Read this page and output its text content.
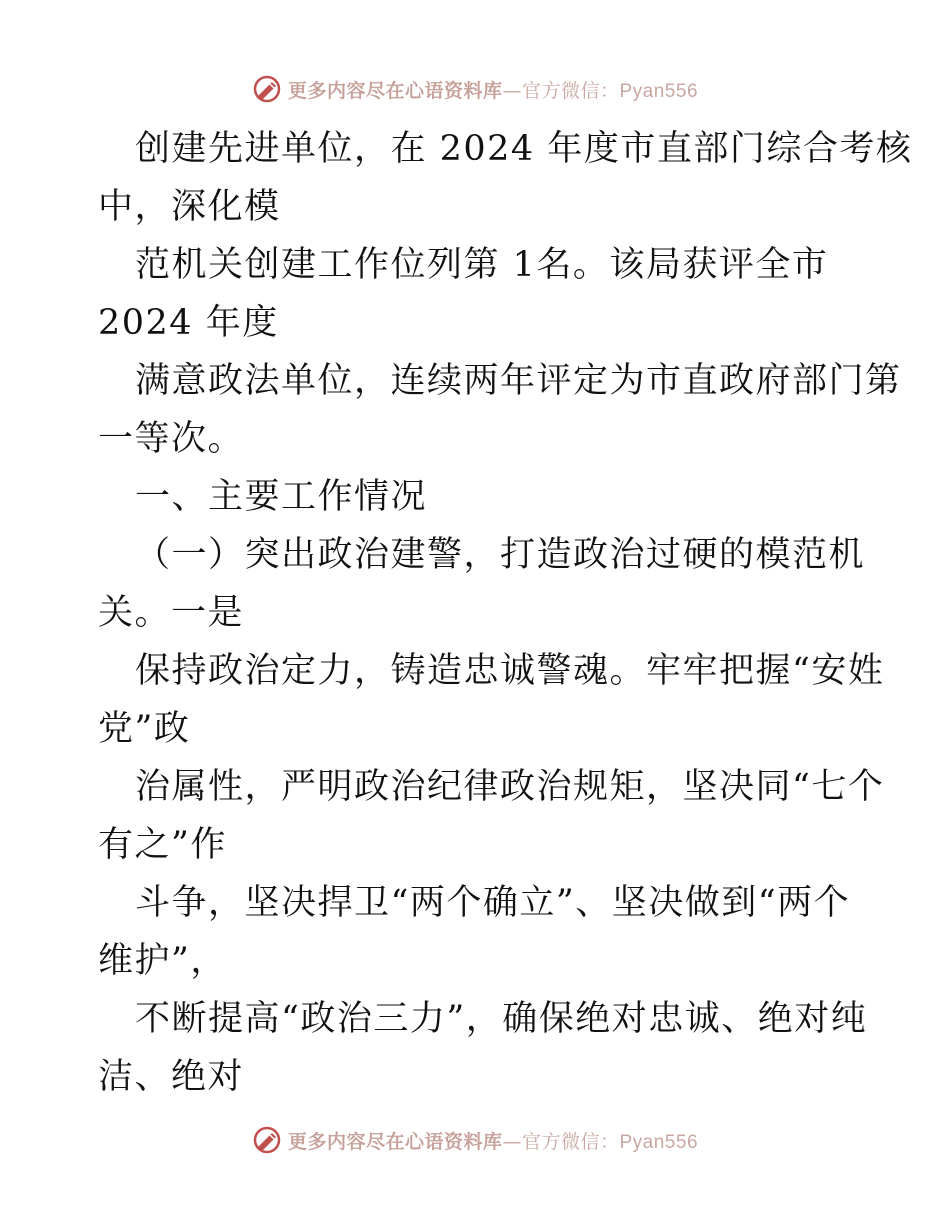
更多内容尽在心语资料库—官方微信：Pyan556
创建先进单位，在 2024 年度市直部门综合考核
中，深化模
范机关创建工作位列第 1名。该局获评全市
2024 年度
满意政法单位，连续两年评定为市直政府部门第
一等次。
一、主要工作情况
（一）突出政治建警，打造政治过硬的模范机
关。一是
保持政治定力，铸造忠诚警魂。牢牢把握“安姓
党”政
治属性，严明政治纪律政治规矩，坚决同“七个
有之”作
斗争，坚决捍卫“两个确立”、坚决做到“两个
维护”，
不断提高“政治三力”，确保绝对忠诚、绝对纯
洁、绝对
更多内容尽在心语资料库—官方微信：Pyan556
